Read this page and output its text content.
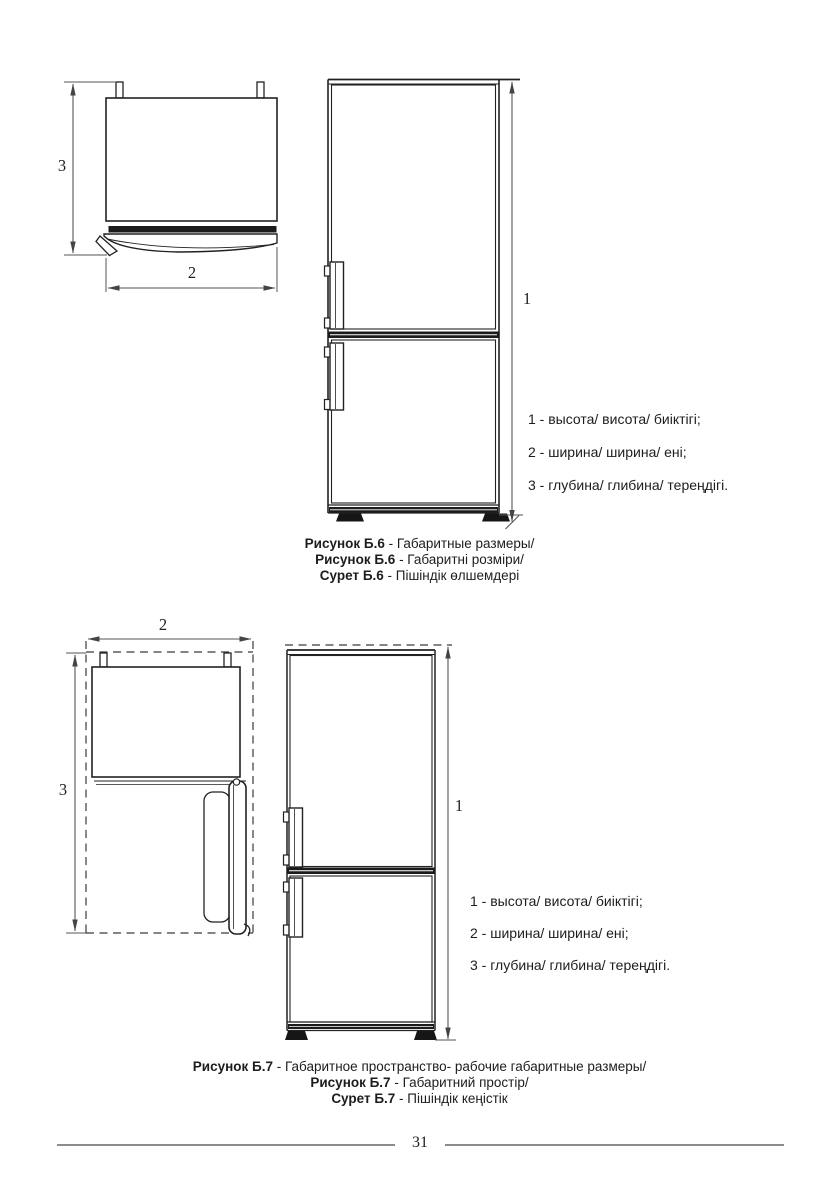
3
2
1
2
3
1
1 - высота/ висота/ биіктігі;
2 - ширина/ ширина/ ені;
3 - глубина/ глибина/ тереңдігі.
Рисунок Б.6 - Габаритные размеры/
Рисунок Б.6 - Габаритні розміри/
Сурет Б.6 - Пішіндік өлшемдері
1 - высота/ висота/ биіктігі;
2 - ширина/ ширина/ ені;
3 - глубина/ глибина/ тереңдігі.
Рисунок Б.7 - Габаритное пространство- рабочие габаритные размеры/
Рисунок Б.7 - Габаритний простір/
Сурет Б.7 - Пішіндік кеңістік
31
